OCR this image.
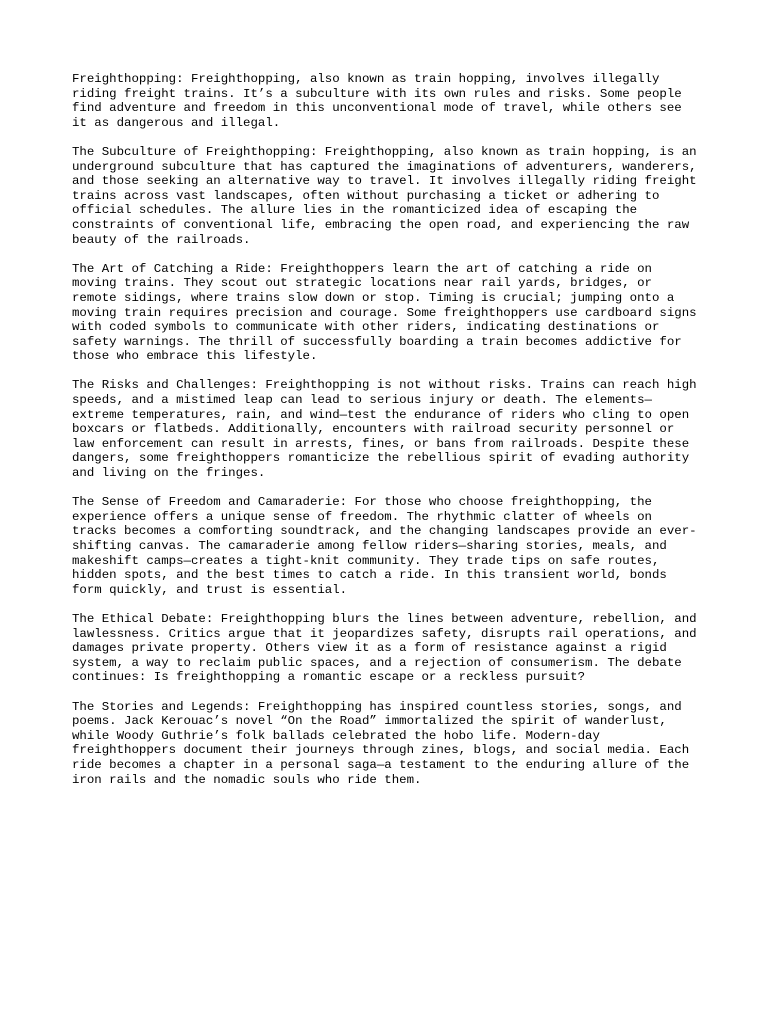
Freighthopping: Freighthopping, also known as train hopping, involves illegally riding freight trains. It’s a subculture with its own rules and risks. Some people find adventure and freedom in this unconventional mode of travel, while others see it as dangerous and illegal.

The Subculture of Freighthopping: Freighthopping, also known as train hopping, is an underground subculture that has captured the imaginations of adventurers, wanderers, and those seeking an alternative way to travel. It involves illegally riding freight trains across vast landscapes, often without purchasing a ticket or adhering to official schedules. The allure lies in the romanticized idea of escaping the constraints of conventional life, embracing the open road, and experiencing the raw beauty of the railroads.

The Art of Catching a Ride: Freighthoppers learn the art of catching a ride on moving trains. They scout out strategic locations near rail yards, bridges, or remote sidings, where trains slow down or stop. Timing is crucial; jumping onto a moving train requires precision and courage. Some freighthoppers use cardboard signs with coded symbols to communicate with other riders, indicating destinations or safety warnings. The thrill of successfully boarding a train becomes addictive for those who embrace this lifestyle.

The Risks and Challenges: Freighthopping is not without risks. Trains can reach high speeds, and a mistimed leap can lead to serious injury or death. The elements—extreme temperatures, rain, and wind—test the endurance of riders who cling to open boxcars or flatbeds. Additionally, encounters with railroad security personnel or law enforcement can result in arrests, fines, or bans from railroads. Despite these dangers, some freighthoppers romanticize the rebellious spirit of evading authority and living on the fringes.

The Sense of Freedom and Camaraderie: For those who choose freighthopping, the experience offers a unique sense of freedom. The rhythmic clatter of wheels on tracks becomes a comforting soundtrack, and the changing landscapes provide an ever-shifting canvas. The camaraderie among fellow riders—sharing stories, meals, and makeshift camps—creates a tight-knit community. They trade tips on safe routes, hidden spots, and the best times to catch a ride. In this transient world, bonds form quickly, and trust is essential.

The Ethical Debate: Freighthopping blurs the lines between adventure, rebellion, and lawlessness. Critics argue that it jeopardizes safety, disrupts rail operations, and damages private property. Others view it as a form of resistance against a rigid system, a way to reclaim public spaces, and a rejection of consumerism. The debate continues: Is freighthopping a romantic escape or a reckless pursuit?

The Stories and Legends: Freighthopping has inspired countless stories, songs, and poems. Jack Kerouac’s novel “On the Road” immortalized the spirit of wanderlust, while Woody Guthrie’s folk ballads celebrated the hobo life. Modern-day freighthoppers document their journeys through zines, blogs, and social media. Each ride becomes a chapter in a personal saga—a testament to the enduring allure of the iron rails and the nomadic souls who ride them.
